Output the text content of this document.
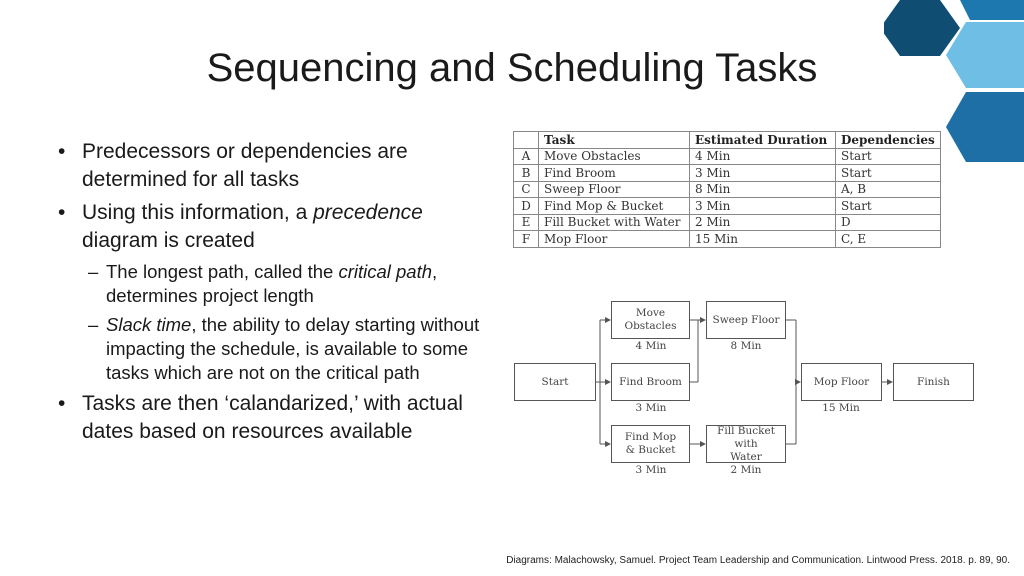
Sequencing and Scheduling Tasks
• Predecessors or dependencies are determined for all tasks
• Using this information, a precedence diagram is created
– The longest path, called the critical path, determines project length
– Slack time, the ability to delay starting without impacting the schedule, is available to some tasks which are not on the critical path
• Tasks are then ‘calandarized,’ with actual dates based on resources available
	Task	Estimated Duration	Dependencies
A	Move Obstacles	4 Min	Start
B	Find Broom	3 Min	Start
C	Sweep Floor	8 Min	A, B
D	Find Mop & Bucket	3 Min	Start
E	Fill Bucket with Water	2 Min	D
F	Mop Floor	15 Min	C, E
Start
Move Obstacles
4 Min
Sweep Floor
8 Min
Find Broom
3 Min
Mop Floor
15 Min
Finish
Find Mop & Bucket
3 Min
Fill Bucket with Water
2 Min
Diagrams: Malachowsky, Samuel. Project Team Leadership and Communication. Lintwood Press. 2018. p. 89, 90.
